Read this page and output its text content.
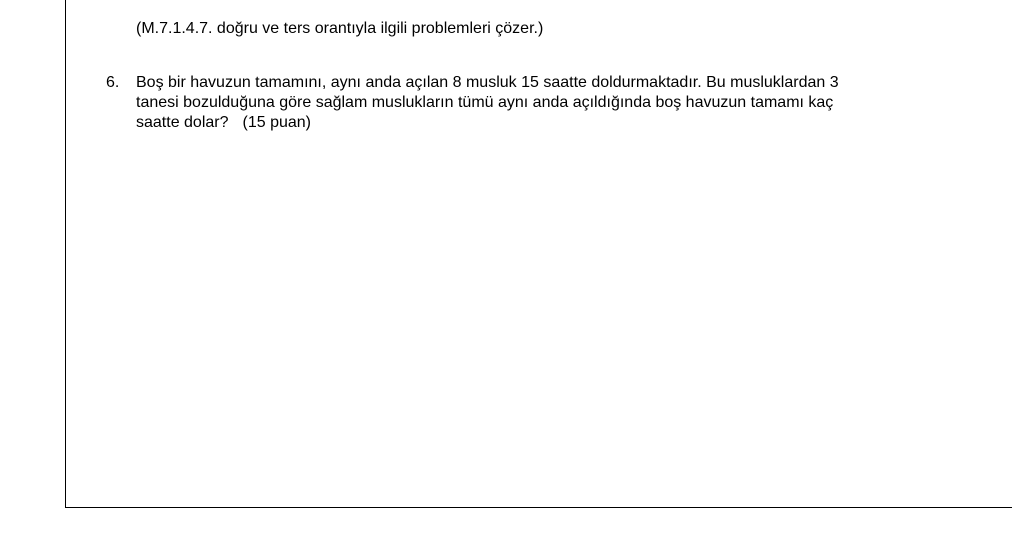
(M.7.1.4.7. doğru ve ters orantıyla ilgili problemleri çözer.)
6. Boş bir havuzun tamamını, aynı anda açılan 8 musluk 15 saatte doldurmaktadır. Bu musluklardan 3
tanesi bozulduğuna göre sağlam muslukların tümü aynı anda açıldığında boş havuzun tamamı kaç
saatte dolar? (15 puan)
